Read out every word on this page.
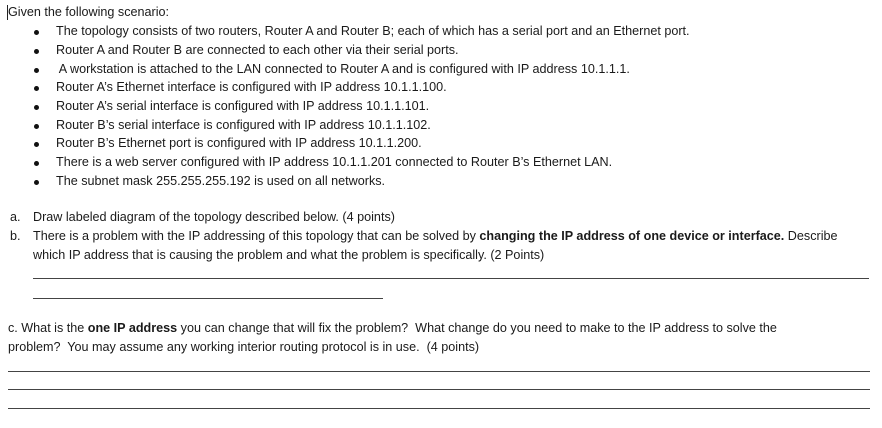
Given the following scenario:
The topology consists of two routers, Router A and Router B; each of which has a serial port and an Ethernet port.
Router A and Router B are connected to each other via their serial ports.
A workstation is attached to the LAN connected to Router A and is configured with IP address 10.1.1.1.
Router A’s Ethernet interface is configured with IP address 10.1.1.100.
Router A’s serial interface is configured with IP address 10.1.1.101.
Router B’s serial interface is configured with IP address 10.1.1.102.
Router B’s Ethernet port is configured with IP address 10.1.1.200.
There is a web server configured with IP address 10.1.1.201 connected to Router B’s Ethernet LAN.
The subnet mask 255.255.255.192 is used on all networks.
a. Draw labeled diagram of the topology described below. (4 points)
b. There is a problem with the IP addressing of this topology that can be solved by changing the IP address of one device or interface. Describe
which IP address that is causing the problem and what the problem is specifically. (2 Points)
c. What is the one IP address you can change that will fix the problem?  What change do you need to make to the IP address to solve the
problem?  You may assume any working interior routing protocol is in use.  (4 points)
